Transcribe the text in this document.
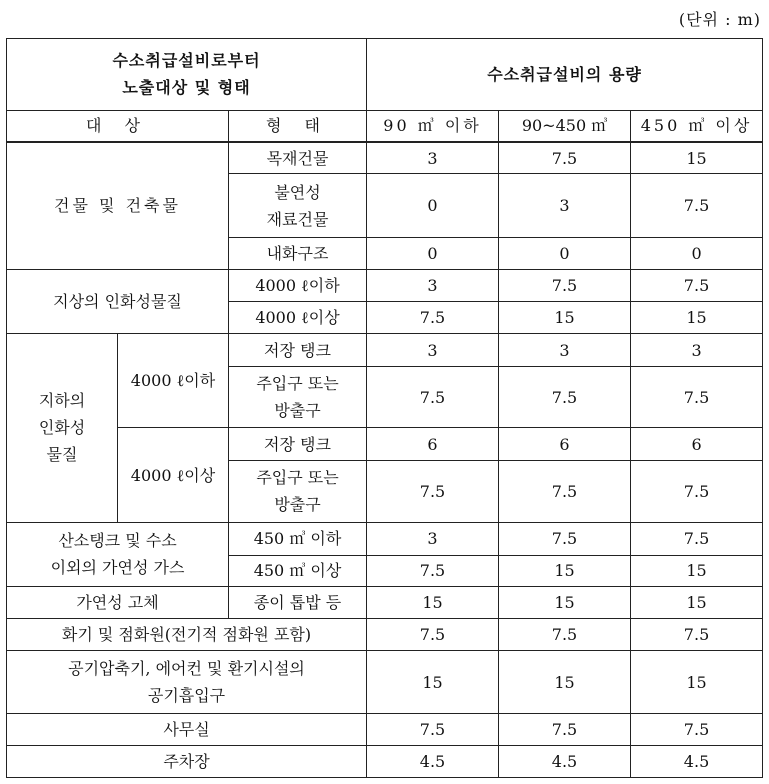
(단위 : m)
수소취급설비로부터
노출대상 및 형태			수소취급설비의 용량		
대 상		형 태	90 ㎥ 이하	90~450 ㎥	450 ㎥ 이상
건물 및 건축물		목재건물	3	7.5	15

		불연성
재료건물	0	3	7.5
		내화구조	0	0	0
지상의 인화성물질		4000 ℓ이하	3	7.5	7.5
		4000 ℓ이상	7.5	15	15

지하의
인화성
물질	4000 ℓ이하	저장 탱크	3	3	3

		주입구 또는
방출구	7.5	7.5	7.5
	4000 ℓ이상	저장 탱크	6	6	6

		주입구 또는
방출구	7.5	7.5	7.5

산소탱크 및 수소
이외의 가연성 가스		450 ㎥ 이하	3	7.5	7.5
		450 ㎥ 이상	7.5	15	15
가연성 고체		종이 톱밥 등	15	15	15
화기 및 점화원(전기적 점화원 포함)			7.5	7.5	7.5

공기압축기, 에어컨 및 환기시설의
공기흡입구			15	15	15
사무실			7.5	7.5	7.5
주차장			4.5	4.5	4.5
